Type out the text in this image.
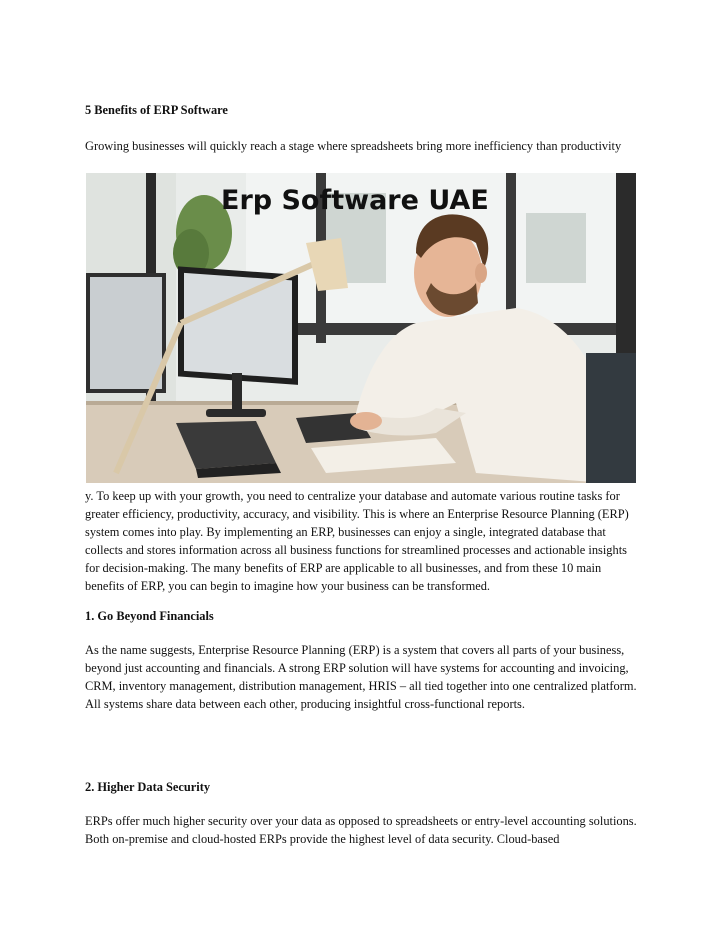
5 Benefits of ERP Software

Growing businesses will quickly reach a stage where spreadsheets bring more inefficiency than productivity

Erp Software UAE

y. To keep up with your growth, you need to centralize your database and automate various routine tasks for greater efficiency, productivity, accuracy, and visibility. This is where an Enterprise Resource Planning (ERP) system comes into play. By implementing an ERP, businesses can enjoy a single, integrated database that collects and stores information across all business functions for streamlined processes and actionable insights for decision-making. The many benefits of ERP are applicable to all businesses, and from these 10 main benefits of ERP, you can begin to imagine how your business can be transformed.

1. Go Beyond Financials

As the name suggests, Enterprise Resource Planning (ERP) is a system that covers all parts of your business, beyond just accounting and financials. A strong ERP solution will have systems for accounting and invoicing, CRM, inventory management, distribution management, HRIS – all tied together into one centralized platform. All systems share data between each other, producing insightful cross-functional reports.

2. Higher Data Security

ERPs offer much higher security over your data as opposed to spreadsheets or entry-level accounting solutions. Both on-premise and cloud-hosted ERPs provide the highest level of data security. Cloud-based
